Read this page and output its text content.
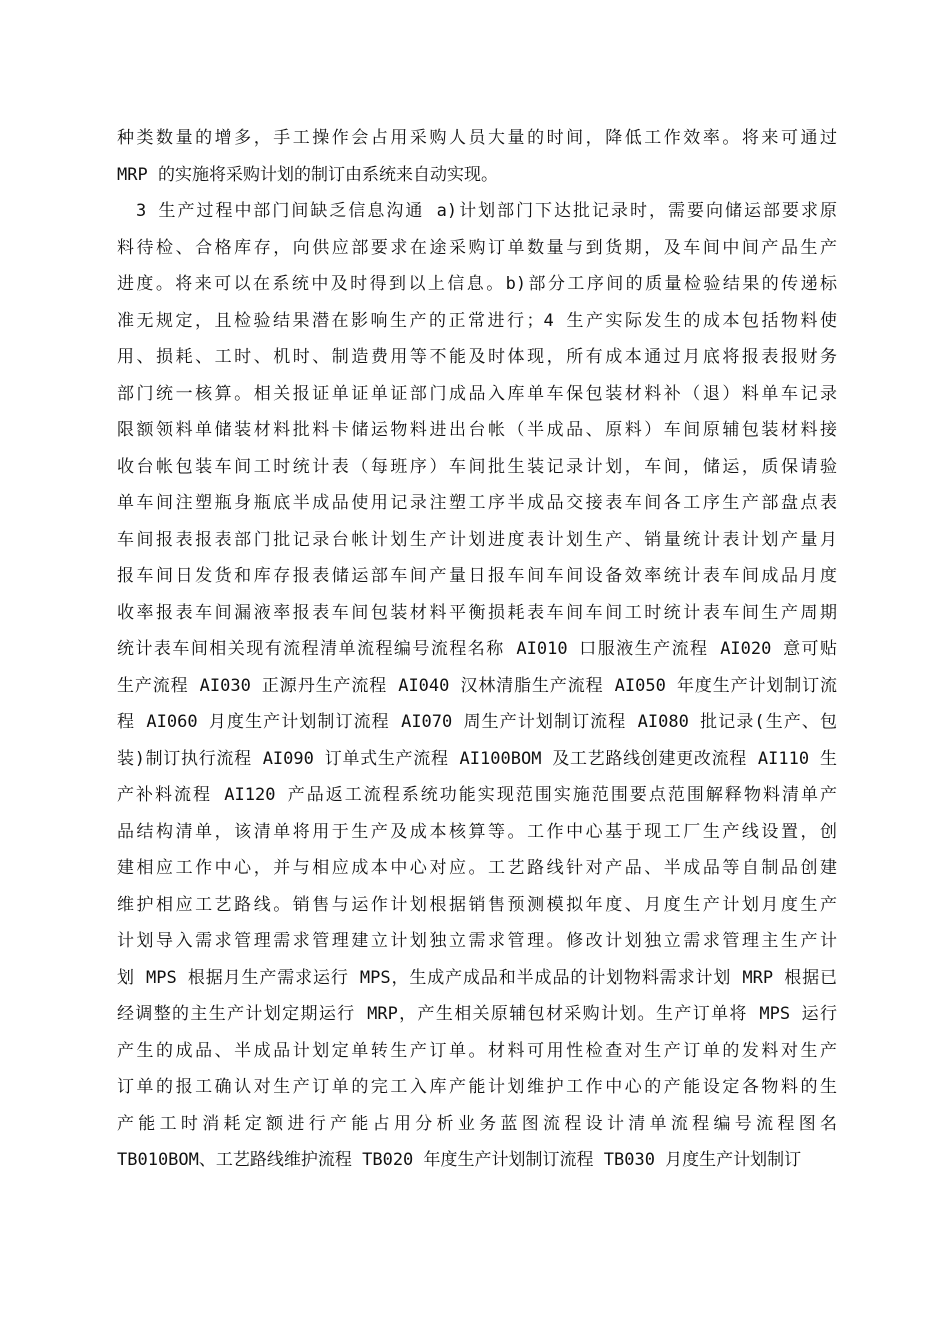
种类数量的增多，手工操作会占用采购人员大量的时间，降低工作效率。将来可通过
MRP 的实施将采购计划的制订由系统来自动实现。
　3 生产过程中部门间缺乏信息沟通 a)计划部门下达批记录时，需要向储运部要求原
料待检、合格库存，向供应部要求在途采购订单数量与到货期，及车间中间产品生产
进度。将来可以在系统中及时得到以上信息。b)部分工序间的质量检验结果的传递标
准无规定，且检验结果潜在影响生产的正常进行；4 生产实际发生的成本包括物料使
用、损耗、工时、机时、制造费用等不能及时体现，所有成本通过月底将报表报财务
部门统一核算。相关报证单证单证部门成品入库单车保包装材料补（退）料单车记录
限额领料单储装材料批料卡储运物料进出台帐（半成品、原料）车间原辅包装材料接
收台帐包装车间工时统计表（每班序）车间批生装记录计划，车间，储运，质保请验
单车间注塑瓶身瓶底半成品使用记录注塑工序半成品交接表车间各工序生产部盘点表
车间报表报表部门批记录台帐计划生产计划进度表计划生产、销量统计表计划产量月
报车间日发货和库存报表储运部车间产量日报车间车间设备效率统计表车间成品月度
收率报表车间漏液率报表车间包装材料平衡损耗表车间车间工时统计表车间生产周期
统计表车间相关现有流程清单流程编号流程名称 AI010 口服液生产流程 AI020 意可贴
生产流程 AI030 正源丹生产流程 AI040 汉林清脂生产流程 AI050 年度生产计划制订流
程 AI060 月度生产计划制订流程 AI070 周生产计划制订流程 AI080 批记录(生产、包
装)制订执行流程 AI090 订单式生产流程 AI100BOM 及工艺路线创建更改流程 AI110 生
产补料流程 AI120 产品返工流程系统功能实现范围实施范围要点范围解释物料清单产
品结构清单，该清单将用于生产及成本核算等。工作中心基于现工厂生产线设置，创
建相应工作中心，并与相应成本中心对应。工艺路线针对产品、半成品等自制品创建
维护相应工艺路线。销售与运作计划根据销售预测模拟年度、月度生产计划月度生产
计划导入需求管理需求管理建立计划独立需求管理。修改计划独立需求管理主生产计
划 MPS 根据月生产需求运行 MPS，生成产成品和半成品的计划物料需求计划 MRP 根据已
经调整的主生产计划定期运行 MRP，产生相关原辅包材采购计划。生产订单将 MPS 运行
产生的成品、半成品计划定单转生产订单。材料可用性检查对生产订单的发料对生产
订单的报工确认对生产订单的完工入库产能计划维护工作中心的产能设定各物料的生
产能工时消耗定额进行产能占用分析业务蓝图流程设计清单流程编号流程图名
TB010BOM、工艺路线维护流程 TB020 年度生产计划制订流程 TB030 月度生产计划制订
